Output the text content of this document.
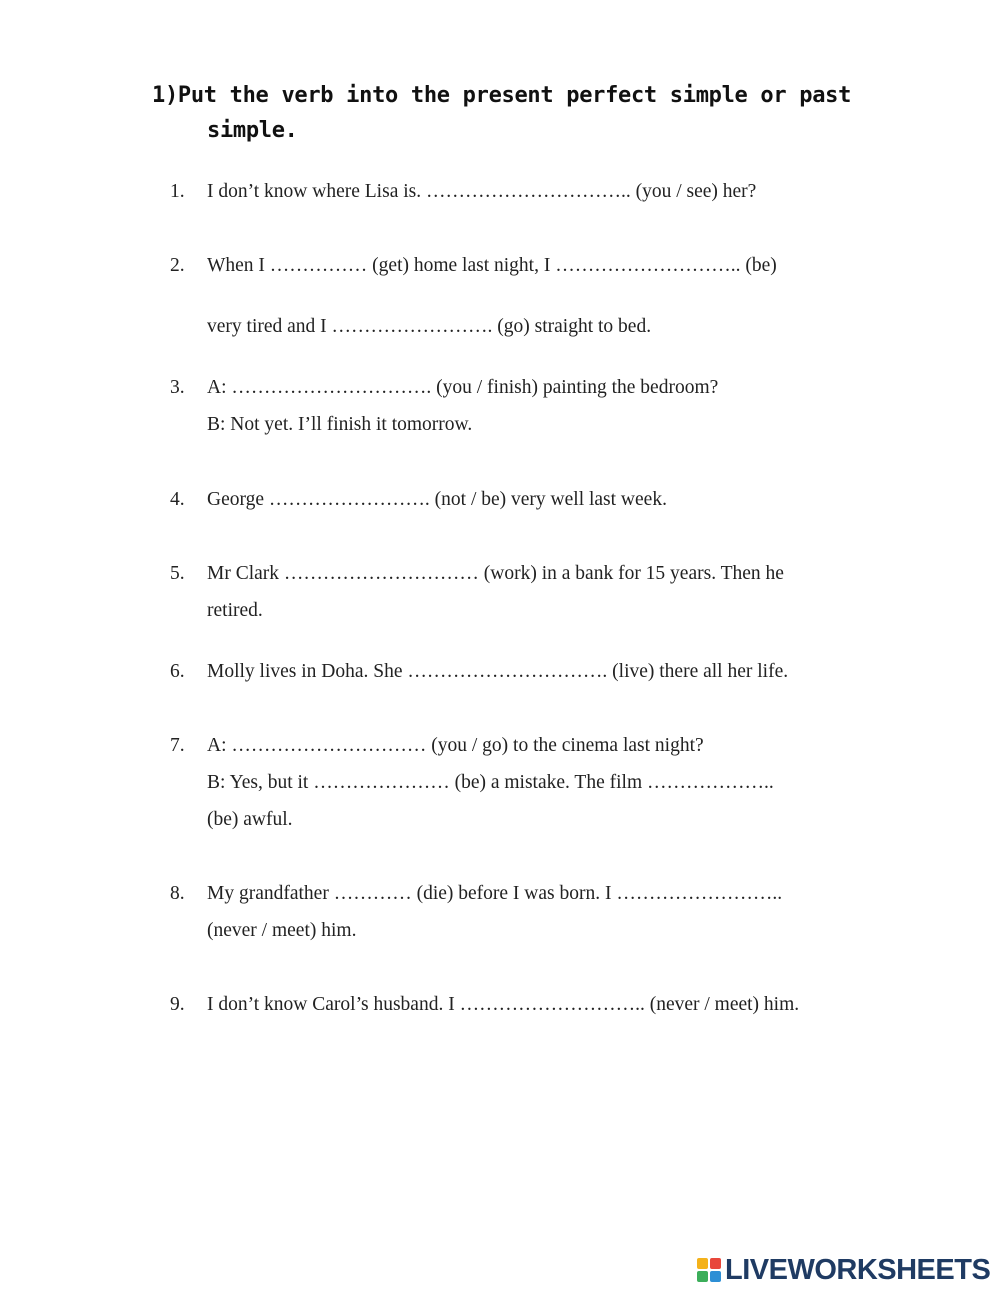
1)Put the verb into the present perfect simple or past
simple.
1. I don’t know where Lisa is. ………………………….. (you / see) her?
2. When I …………… (get) home last night, I ……………………….. (be)
very tired and I ……………………. (go) straight to bed.
3. A: …………………………. (you / finish) painting the bedroom?
B: Not yet. I’ll finish it tomorrow.
4. George ……………………. (not / be) very well last week.
5. Mr Clark ………………………… (work) in a bank for 15 years. Then he
retired.
6. Molly lives in Doha. She …………………………. (live) there all her life.
7. A: ………………………… (you / go) to the cinema last night?
B: Yes, but it ………………… (be) a mistake. The film ………………..
(be) awful.
8. My grandfather ………… (die) before I was born. I ……………………..
(never / meet) him.
9. I don’t know Carol’s husband. I ……………………….. (never / meet) him.
LIVEWORKSHEETS
